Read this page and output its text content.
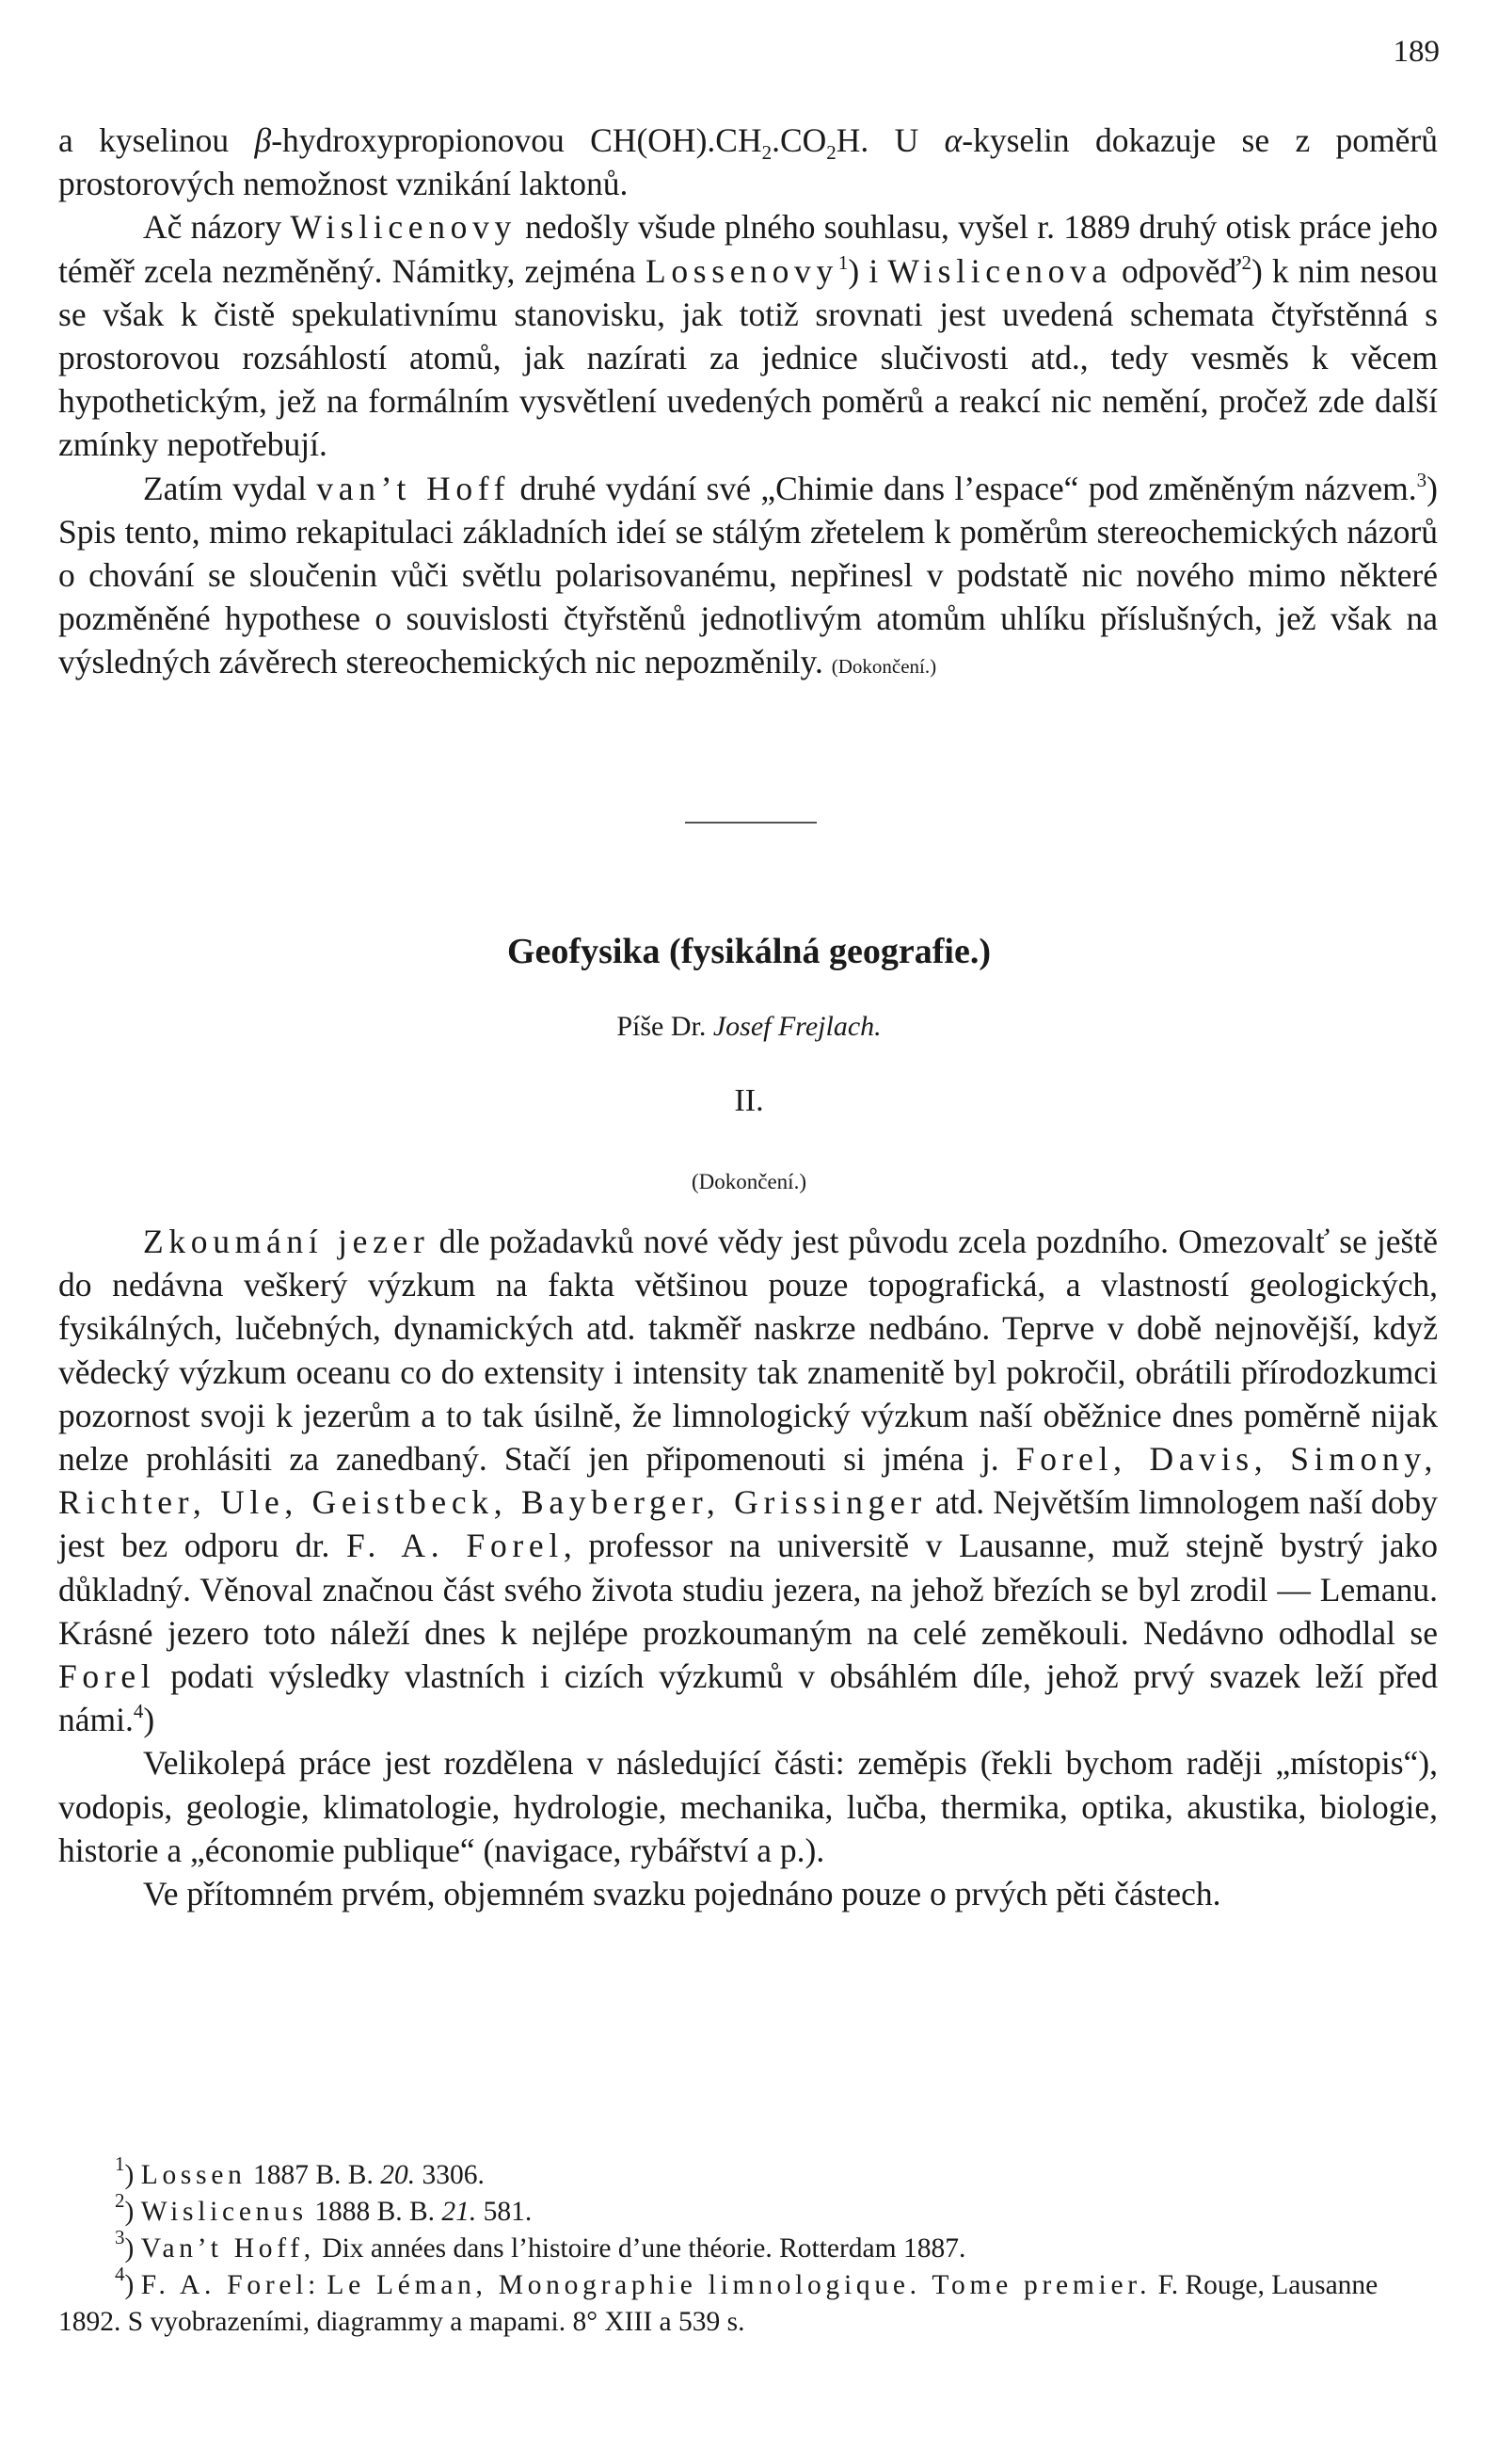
189

a kyselinou β-hydroxypropionovou $CH(OH).CH_2.CO_2H$. U α-kyselin dokazuje se z poměrů prostorových nemožnost vznikání laktonů.

Ač názory Wislicenovy nedošly všude plného souhlasu, vyšel r. 1889 druhý otisk práce jeho téměř zcela nezměněný. Námitky, zejména Lossenovy$^1$) i Wislicenova odpověď$^2$) k nim nesou se však k čistě spekulativnímu stanovisku, jak totiž srovnati jest uvedená schemata čtyřstěnná s prostorovou rozsáhlostí atomů, jak nazírati za jednice slučivosti atd., tedy vesměs k věcem hypothetickým, jež na formálním vysvětlení uvedených poměrů a reakcí nic nemění, pročež zde další zmínky nepotřebují.

Zatím vydal van’t Hoff druhé vydání své „Chimie dans l’espace“ pod změněným názvem.$^3$) Spis tento, mimo rekapitulaci základních ideí se stálým zřetelem k poměrům stereochemických názorů o chování se sloučenin vůči světlu polarisovanému, nepřinesl v podstatě nic nového mimo některé pozměněné hypothese o souvislosti čtyřstěnů jednotlivým atomům uhlíku příslušných, jež však na výsledných závěrech stereochemických nic nepozměnily. (Dokončení.)

Geofysika (fysikálná geografie.)
Píše Dr. Josef Frejlach.
II.
(Dokončení.)

Zkoumání jezer dle požadavků nové vědy jest původu zcela pozdního. Omezovalť se ještě do nedávna veškerý výzkum na fakta většinou pouze topografická, a vlastností geologických, fysikálných, lučebných, dynamických atd. takměř naskrze nedbáno. Teprve v době nejnovější, když vědecký výzkum oceanu co do extensity i intensity tak znamenitě byl pokročil, obrátili přírodozkumci pozornost svoji k jezerům a to tak úsilně, že limnologický výzkum naší oběžnice dnes poměrně nijak nelze prohlásiti za zanedbaný. Stačí jen připomenouti si jména j. Forel, Davis, Simony, Richter, Ule, Geistbeck, Bayberger, Grissinger atd. Největším limnologem naší doby jest bez odporu dr. F. A. Forel, professor na universitě v Lausanne, muž stejně bystrý jako důkladný. Věnoval značnou část svého života studiu jezera, na jehož březích se byl zrodil — Lemanu. Krásné jezero toto náleží dnes k nejlépe prozkoumaným na celé zeměkouli. Nedávno odhodlal se Forel podati výsledky vlastních i cizích výzkumů v obsáhlém díle, jehož prvý svazek leží před námi.$^4$)

Velikolepá práce jest rozdělena v následující části: zeměpis (řekli bychom raději „místopis“), vodopis, geologie, klimatologie, hydrologie, mechanika, lučba, thermika, optika, akustika, biologie, historie a „économie publique“ (navigace, rybářství a p.).

Ve přítomném prvém, objemném svazku pojednáno pouze o prvých pěti částech.

$^1$) Lossen 1887 B. B. 20. 3306.

$^2$) Wislicenus 1888 B. B. 21. 581.

$^3$) Van’t Hoff, Dix années dans l’histoire d’une théorie. Rotterdam 1887.

$^4$) F. A. Forel: Le Léman, Monographie limnologique. Tome premier. F. Rouge, Lausanne 1892. S vyobrazeními, diagrammy a mapami. 8° XIII a 539 s.
